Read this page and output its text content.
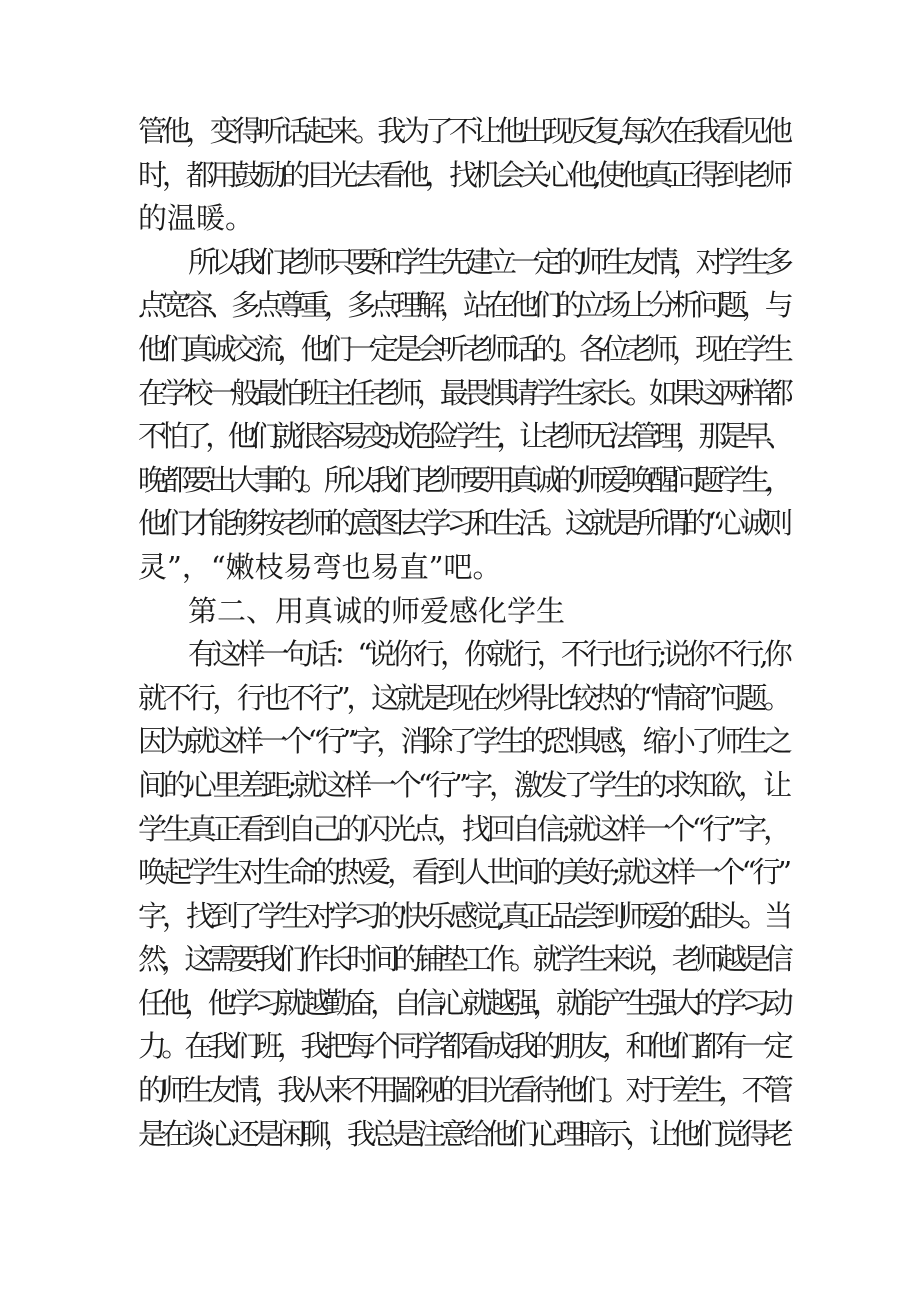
管他，变得听话起来。我为了不让他出现反复,每次在我看见他
时，都用鼓励的目光去看他，找机会关心他,使他真正得到老师
的温暖。
所以我们老师只要和学生先建立一定的师生友情，对学生多
点宽容、多点尊重，多点理解，站在他们的立场上分析问题，与
他们真诚交流，他们一定是会听老师话的。各位老师，现在学生
在学校一般最怕班主任老师，最畏惧请学生家长。如果这两样都
不怕了，他们就很容易变成危险学生，让老师无法管理，那是早、
晚都要出大事的。所以我们老师要用真诚的师爱唤醒问题学生，
他们才能够按老师的意图去学习和生活。这就是所谓的“心诚则
灵”，“嫩枝易弯也易直”吧。
第二、用真诚的师爱感化学生
有这样一句话：“说你行，你就行，不行也行;说你不行,你
就不行，行也不行”，这就是现在炒得比较热的“情商”问题。
因为就这样一个“行”字，消除了学生的恐惧感，缩小了师生之
间的心里差距;就这样一个“行”字，激发了学生的求知欲，让
学生真正看到自己的闪光点，找回自信;就这样一个“行”字，
唤起学生对生命的热爱，看到人世间的美好;就这样一个“行”
字，找到了学生对学习的快乐感觉,真正品尝到师爱的甜头。当
然，这需要我们作长时间的铺垫工作。就学生来说，老师越是信
任他，他学习就越勤奋，自信心就越强，就能产生强大的学习动
力。在我们班，我把每个同学都看成我的朋友，和他们都有一定
的师生友情，我从来不用鄙视的目光看待他们。对于差生，不管
是在谈心还是闲聊，我总是注意给他们心理暗示，让他们觉得老
